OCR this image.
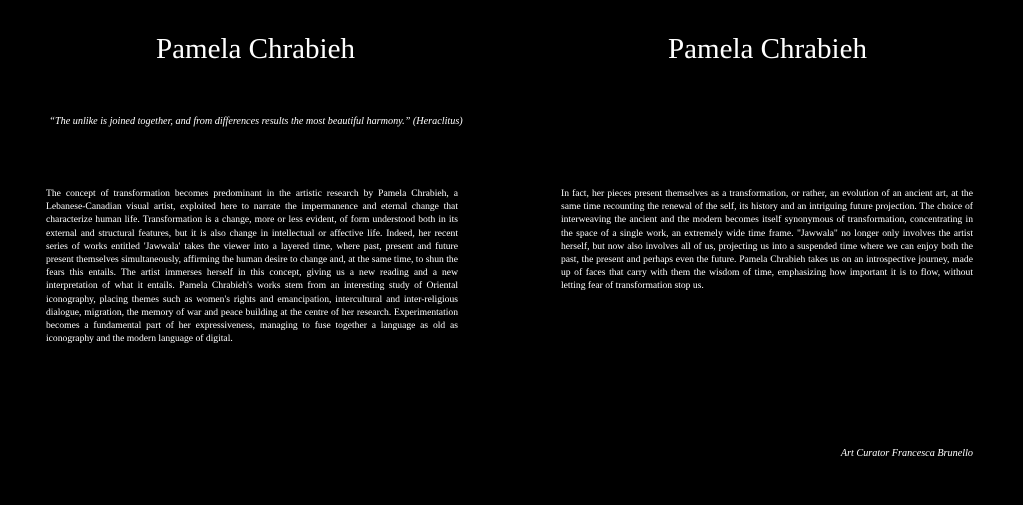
Pamela Chrabieh

“The unlike is joined together, and from differences results the most beautiful harmony.” (Heraclitus)

The concept of transformation becomes predominant in the artistic research by Pamela Chrabieh, a Lebanese-Canadian visual artist, exploited here to narrate the impermanence and eternal change that characterize human life. Transformation is a change, more or less evident, of form understood both in its external and structural features, but it is also change in intellectual or affective life. Indeed, her recent series of works entitled 'Jawwala' takes the viewer into a layered time, where past, present and future present themselves simultaneously, affirming the human desire to change and, at the same time, to shun the fears this entails. The artist immerses herself in this concept, giving us a new reading and a new interpretation of what it entails. Pamela Chrabieh's works stem from an interesting study of Oriental iconography, placing themes such as women's rights and emancipation, intercultural and inter-religious dialogue, migration, the memory of war and peace building at the centre of her research. Experimentation becomes a fundamental part of her expressiveness, managing to fuse together a language as old as iconography and the modern language of digital.

Pamela Chrabieh

In fact, her pieces present themselves as a transformation, or rather, an evolution of an ancient art, at the same time recounting the renewal of the self, its history and an intriguing future projection. The choice of interweaving the ancient and the modern becomes itself synonymous of transformation, concentrating in the space of a single work, an extremely wide time frame. "Jawwala" no longer only involves the artist herself, but now also involves all of us, projecting us into a suspended time where we can enjoy both the past, the present and perhaps even the future. Pamela Chrabieh takes us on an introspective journey, made up of faces that carry with them the wisdom of time, emphasizing how important it is to flow, without letting fear of transformation stop us.

Art Curator Francesca Brunello
